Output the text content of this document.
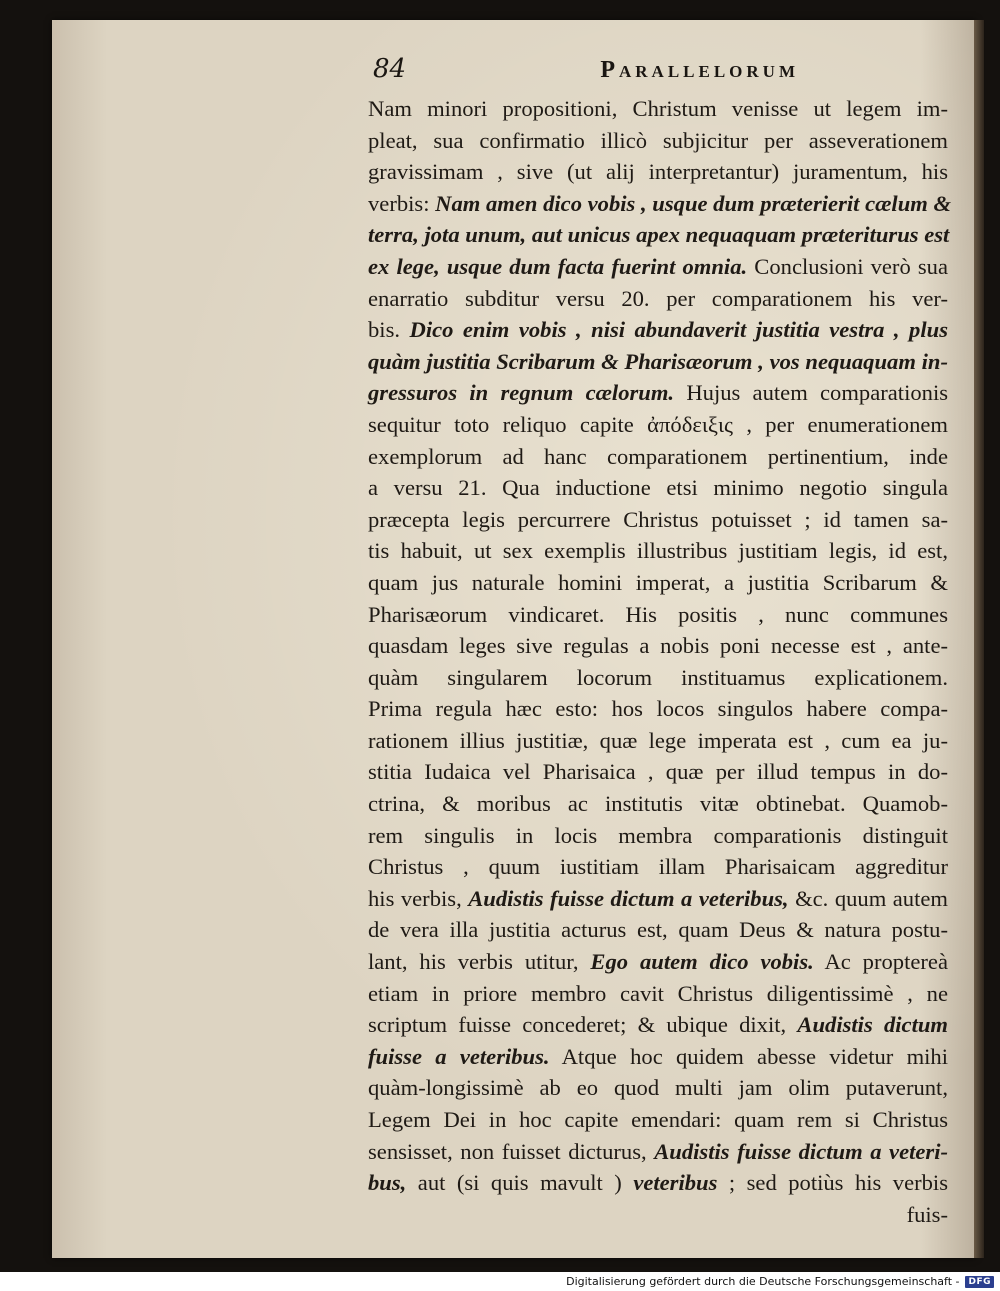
84	Parallelorum
Nam minori propositioni, Christum venisse ut legem im-
pleat, sua confirmatio illicò subjicitur per asseverationem
gravissimam , sive (ut alij interpretantur) juramentum, his
verbis: Nam amen dico vobis , usque dum præterierit cælum &
terra, jota unum, aut unicus apex nequaquam præteriturus est
ex lege, usque dum facta fuerint omnia. Conclusioni verò sua
enarratio subditur versu 20. per comparationem his ver-
bis. Dico enim vobis , nisi abundaverit justitia vestra , plus
quàm justitia Scribarum & Pharisæorum , vos nequaquam in-
gressuros in regnum cælorum. Hujus autem comparationis
sequitur toto reliquo capite ἀπόδειξις , per enumerationem
exemplorum ad hanc comparationem pertinentium, inde
a versu 21. Qua inductione etsi minimo negotio singula
præcepta legis percurrere Christus potuisset ; id tamen sa-
tis habuit, ut sex exemplis illustribus justitiam legis, id est,
quam jus naturale homini imperat, a justitia Scribarum &
Pharisæorum vindicaret. His positis , nunc communes
quasdam leges sive regulas a nobis poni necesse est , ante-
quàm singularem locorum instituamus explicationem.
Prima regula hæc esto: hos locos singulos habere compa-
rationem illius justitiæ, quæ lege imperata est , cum ea ju-
stitia Iudaica vel Pharisaica , quæ per illud tempus in do-
ctrina, & moribus ac institutis vitæ obtinebat. Quamob-
rem singulis in locis membra comparationis distinguit
Christus , quum iustitiam illam Pharisaicam aggreditur
his verbis, Audistis fuisse dictum a veteribus, &c. quum autem
de vera illa justitia acturus est, quam Deus & natura postu-
lant, his verbis utitur, Ego autem dico vobis. Ac proptereà
etiam in priore membro cavit Christus diligentissimè , ne
scriptum fuisse concederet; & ubique dixit, Audistis dictum
fuisse a veteribus. Atque hoc quidem abesse videtur mihi
quàm-longissimè ab eo quod multi jam olim putaverunt,
Legem Dei in hoc capite emendari: quam rem si Christus
sensisset, non fuisset dicturus, Audistis fuisse dictum a veteri-
bus, aut (si quis mavult ) veteribus ; sed potiùs his verbis
fuis-
Digitalisierung gefördert durch die Deutsche Forschungsgemeinschaft -	DFG
